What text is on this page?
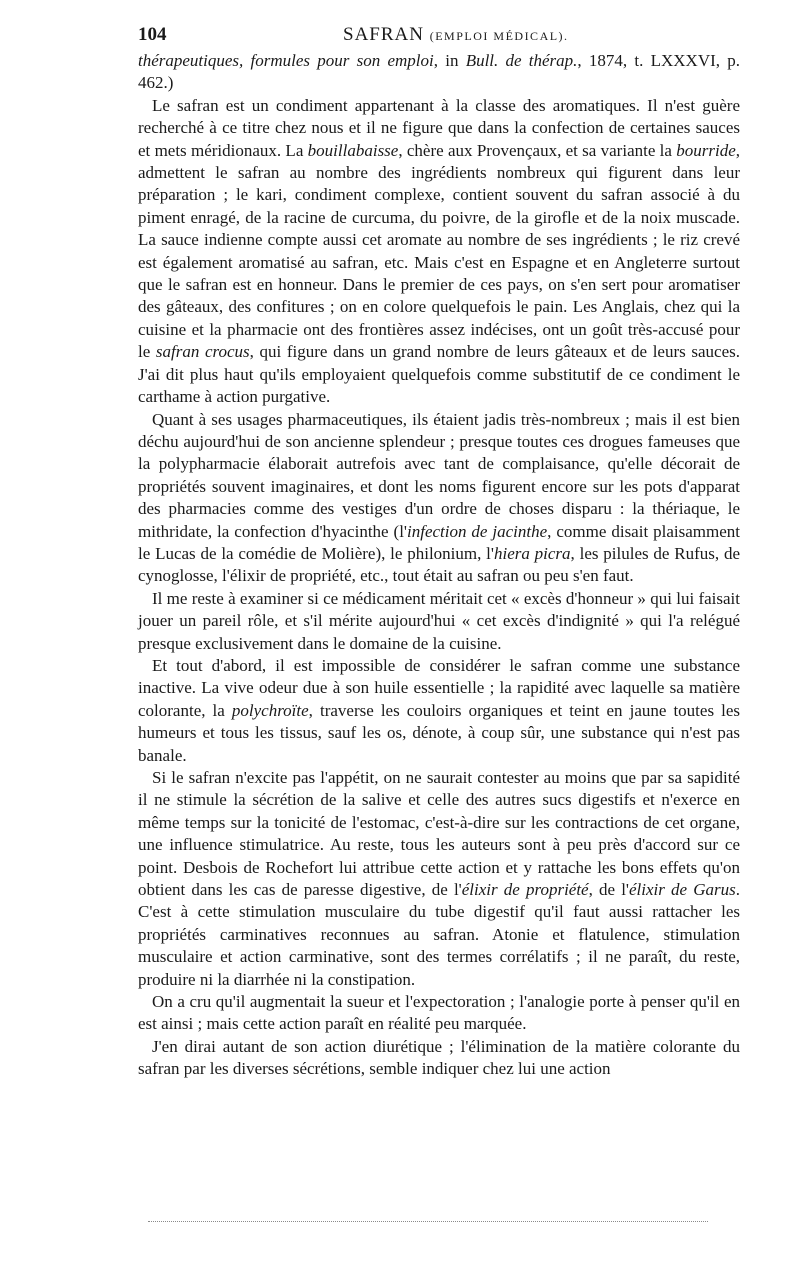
104	SAFRAN (EMPLOI MÉDICAL).

thérapeutiques, formules pour son emploi, in Bull. de thérap., 1874, t. LXXXVI, p. 462.)

Le safran est un condiment appartenant à la classe des aromatiques. Il n'est guère recherché à ce titre chez nous et il ne figure que dans la confection de certaines sauces et mets méridionaux. La bouillabaisse, chère aux Provençaux, et sa variante la bourride, admettent le safran au nombre des ingrédients nombreux qui figurent dans leur préparation ; le kari, condiment complexe, contient souvent du safran associé à du piment enragé, de la racine de curcuma, du poivre, de la girofle et de la noix muscade. La sauce indienne compte aussi cet aromate au nombre de ses ingrédients ; le riz crevé est également aromatisé au safran, etc. Mais c'est en Espagne et en Angleterre surtout que le safran est en honneur. Dans le premier de ces pays, on s'en sert pour aromatiser des gâteaux, des confitures ; on en colore quelquefois le pain. Les Anglais, chez qui la cuisine et la pharmacie ont des frontières assez indécises, ont un goût très-accusé pour le safran crocus, qui figure dans un grand nombre de leurs gâteaux et de leurs sauces. J'ai dit plus haut qu'ils employaient quelquefois comme substitutif de ce condiment le carthame à action purgative.

Quant à ses usages pharmaceutiques, ils étaient jadis très-nombreux ; mais il est bien déchu aujourd'hui de son ancienne splendeur ; presque toutes ces drogues fameuses que la polypharmacie élaborait autrefois avec tant de complaisance, qu'elle décorait de propriétés souvent imaginaires, et dont les noms figurent encore sur les pots d'apparat des pharmacies comme des vestiges d'un ordre de choses disparu : la thériaque, le mithridate, la confection d'hyacinthe (l'infection de jacinthe, comme disait plaisamment le Lucas de la comédie de Molière), le philonium, l'hiera picra, les pilules de Rufus, de cynoglosse, l'élixir de propriété, etc., tout était au safran ou peu s'en faut.

Il me reste à examiner si ce médicament méritait cet « excès d'honneur » qui lui faisait jouer un pareil rôle, et s'il mérite aujourd'hui « cet excès d'indignité » qui l'a relégué presque exclusivement dans le domaine de la cuisine.

Et tout d'abord, il est impossible de considérer le safran comme une substance inactive. La vive odeur due à son huile essentielle ; la rapidité avec laquelle sa matière colorante, la polychroïte, traverse les couloirs organiques et teint en jaune toutes les humeurs et tous les tissus, sauf les os, dénote, à coup sûr, une substance qui n'est pas banale.

Si le safran n'excite pas l'appétit, on ne saurait contester au moins que par sa sapidité il ne stimule la sécrétion de la salive et celle des autres sucs digestifs et n'exerce en même temps sur la tonicité de l'estomac, c'est-à-dire sur les contractions de cet organe, une influence stimulatrice. Au reste, tous les auteurs sont à peu près d'accord sur ce point. Desbois de Rochefort lui attribue cette action et y rattache les bons effets qu'on obtient dans les cas de paresse digestive, de l'élixir de propriété, de l'élixir de Garus. C'est à cette stimulation musculaire du tube digestif qu'il faut aussi rattacher les propriétés carminatives reconnues au safran. Atonie et flatulence, stimulation musculaire et action carminative, sont des termes corrélatifs ; il ne paraît, du reste, produire ni la diarrhée ni la constipation.

On a cru qu'il augmentait la sueur et l'expectoration ; l'analogie porte à penser qu'il en est ainsi ; mais cette action paraît en réalité peu marquée.

J'en dirai autant de son action diurétique ; l'élimination de la matière colorante du safran par les diverses sécrétions, semble indiquer chez lui une action
